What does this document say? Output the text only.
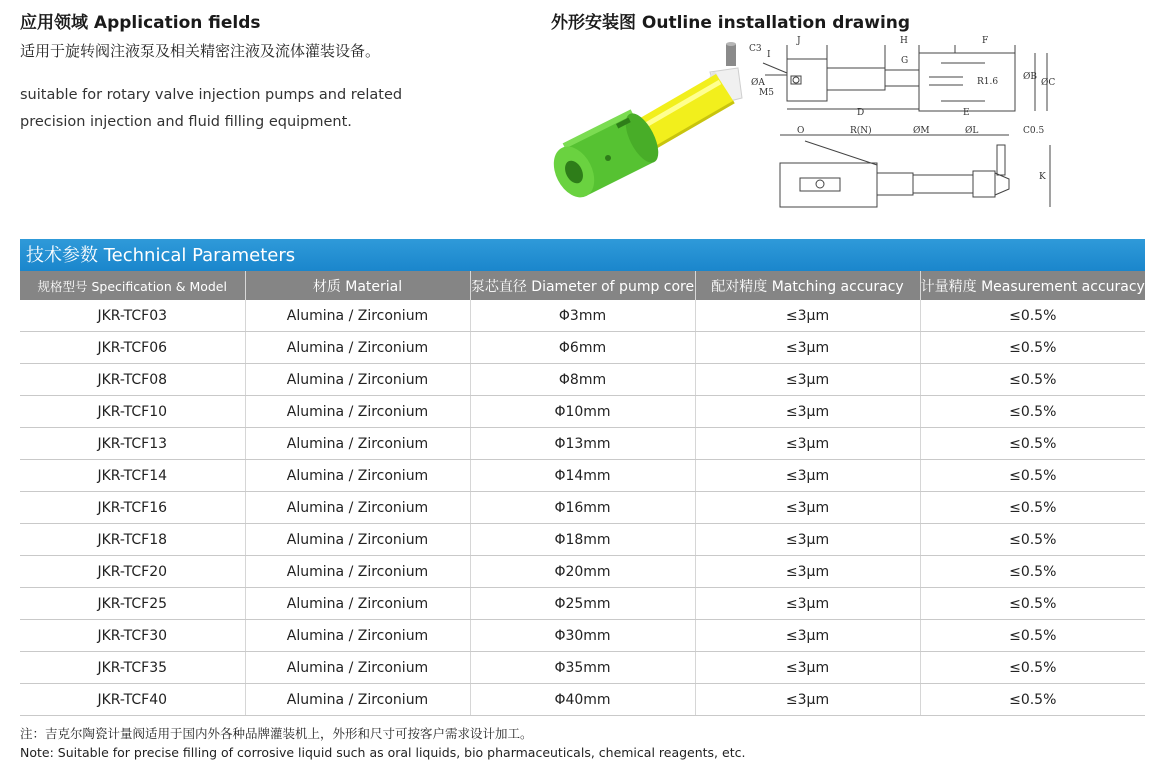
应用领域 Application fields
适用于旋转阀注液泵及相关精密注液及流体灌装设备。
suitable for rotary valve injection pumps and related precision injection and fluid filling equipment.
外形安装图 Outline installation drawing
C3
J	H	F
I
G
ØA
M5
R1.6	ØB
ØC
D	E
O	R(N)	ØM	ØL	C0.5
K
技术参数 Technical Parameters
规格型号 Specification & Model	材质 Material	泵芯直径 Diameter of pump core	配对精度 Matching accuracy	计量精度 Measurement accuracy
JKR-TCF03	Alumina / Zirconium	Φ3mm	≤3μm	≤0.5%
JKR-TCF06	Alumina / Zirconium	Φ6mm	≤3μm	≤0.5%
JKR-TCF08	Alumina / Zirconium	Φ8mm	≤3μm	≤0.5%
JKR-TCF10	Alumina / Zirconium	Φ10mm	≤3μm	≤0.5%
JKR-TCF13	Alumina / Zirconium	Φ13mm	≤3μm	≤0.5%
JKR-TCF14	Alumina / Zirconium	Φ14mm	≤3μm	≤0.5%
JKR-TCF16	Alumina / Zirconium	Φ16mm	≤3μm	≤0.5%
JKR-TCF18	Alumina / Zirconium	Φ18mm	≤3μm	≤0.5%
JKR-TCF20	Alumina / Zirconium	Φ20mm	≤3μm	≤0.5%
JKR-TCF25	Alumina / Zirconium	Φ25mm	≤3μm	≤0.5%
JKR-TCF30	Alumina / Zirconium	Φ30mm	≤3μm	≤0.5%
JKR-TCF35	Alumina / Zirconium	Φ35mm	≤3μm	≤0.5%
JKR-TCF40	Alumina / Zirconium	Φ40mm	≤3μm	≤0.5%
注：吉克尔陶瓷计量阀适用于国内外各种品牌灌装机上，外形和尺寸可按客户需求设计加工。
Note: Suitable for precise filling of corrosive liquid such as oral liquids, bio pharmaceuticals, chemical reagents, etc.
